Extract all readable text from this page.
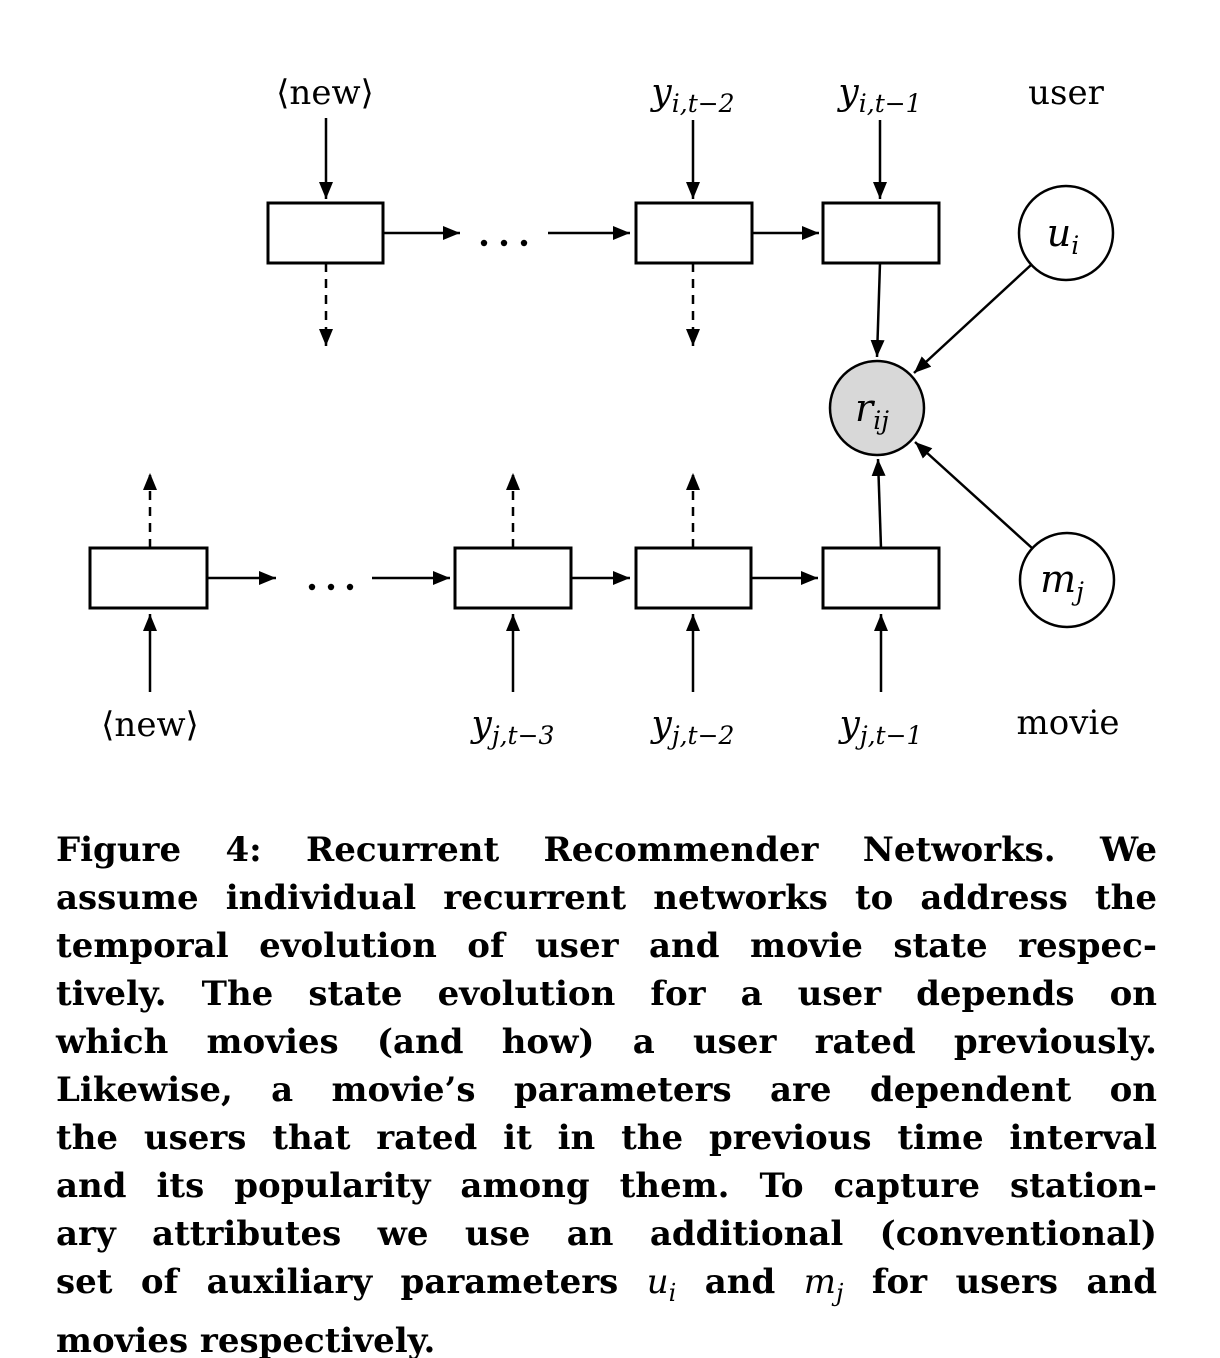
⟨new⟩	yi,t−2	yi,t−1	user
ui
mj
rij
⟨new⟩	yj,t−3	yj,t−2	yj,t−1	movie
Figure 4: Recurrent Recommender Networks. We
assume individual recurrent networks to address the
temporal evolution of user and movie state respec-
tively. The state evolution for a user depends on
which movies (and how) a user rated previously.
Likewise, a movie’s parameters are dependent on
the users that rated it in the previous time interval
and its popularity among them. To capture station-
ary attributes we use an additional (conventional)
set of auxiliary parameters $u_i$ and $m_j$ for users and
movies respectively.
